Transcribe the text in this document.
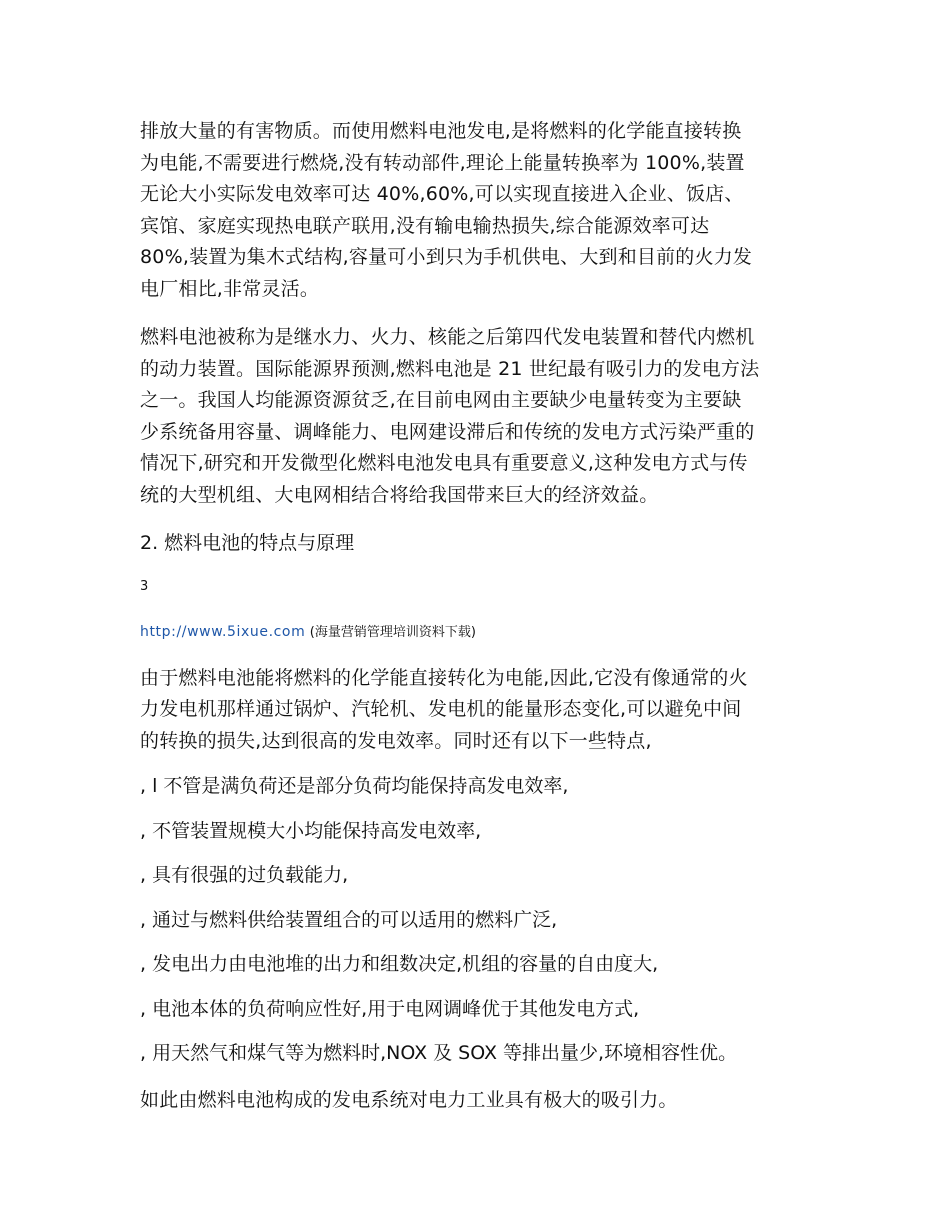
排放大量的有害物质。而使用燃料电池发电,是将燃料的化学能直接转换
为电能,不需要进行燃烧,没有转动部件,理论上能量转换率为 100%,装置
无论大小实际发电效率可达 40%,60%,可以实现直接进入企业、饭店、
宾馆、家庭实现热电联产联用,没有输电输热损失,综合能源效率可达
80%,装置为集木式结构,容量可小到只为手机供电、大到和目前的火力发
电厂相比,非常灵活。

燃料电池被称为是继水力、火力、核能之后第四代发电装置和替代内燃机
的动力装置。国际能源界预测,燃料电池是 21 世纪最有吸引力的发电方法
之一。我国人均能源资源贫乏,在目前电网由主要缺少电量转变为主要缺
少系统备用容量、调峰能力、电网建设滞后和传统的发电方式污染严重的
情况下,研究和开发微型化燃料电池发电具有重要意义,这种发电方式与传
统的大型机组、大电网相结合将给我国带来巨大的经济效益。

2. 燃料电池的特点与原理

3

http://www.5ixue.com (海量营销管理培训资料下载)

由于燃料电池能将燃料的化学能直接转化为电能,因此,它没有像通常的火
力发电机那样通过锅炉、汽轮机、发电机的能量形态变化,可以避免中间
的转换的损失,达到很高的发电效率。同时还有以下一些特点,

, l 不管是满负荷还是部分负荷均能保持高发电效率,

, 不管装置规模大小均能保持高发电效率,

, 具有很强的过负载能力,

, 通过与燃料供给装置组合的可以适用的燃料广泛,

, 发电出力由电池堆的出力和组数决定,机组的容量的自由度大,

, 电池本体的负荷响应性好,用于电网调峰优于其他发电方式,

, 用天然气和煤气等为燃料时,NOX 及 SOX 等排出量少,环境相容性优。

如此由燃料电池构成的发电系统对电力工业具有极大的吸引力。
